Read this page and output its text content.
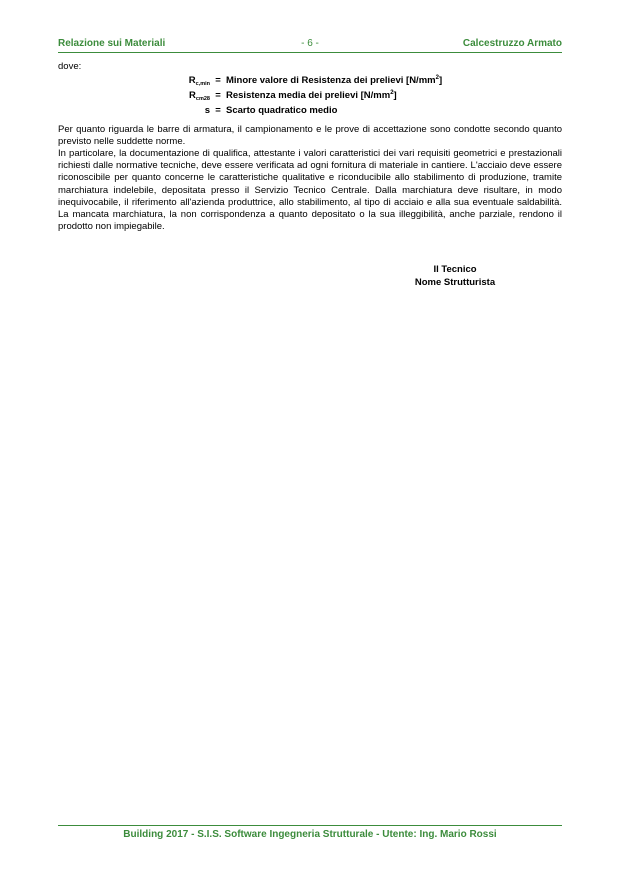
Relazione sui Materiali	- 6 -	Calcestruzzo Armato
dove:
$R_{c,min}$ = Minore valore di Resistenza dei prelievi $[N/mm^2]$
$R_{cm28}$ = Resistenza media dei prelievi $[N/mm^2]$
s = Scarto quadratico medio
Per quanto riguarda le barre di armatura, il campionamento e le prove di accettazione sono condotte secondo quanto previsto nelle suddette norme.
In particolare, la documentazione di qualifica, attestante i valori caratteristici dei vari requisiti geometrici e prestazionali richiesti dalle normative tecniche, deve essere verificata ad ogni fornitura di materiale in cantiere. L'acciaio deve essere riconoscibile per quanto concerne le caratteristiche qualitative e riconducibile allo stabilimento di produzione, tramite marchiatura indelebile, depositata presso il Servizio Tecnico Centrale. Dalla marchiatura deve risultare, in modo inequivocabile, il riferimento all'azienda produttrice, allo stabilimento, al tipo di acciaio e alla sua eventuale saldabilità. La mancata marchiatura, la non corrispondenza a quanto depositato o la sua illeggibilità, anche parziale, rendono il prodotto non impiegabile.
Il Tecnico
Nome Strutturista
Building 2017 - S.I.S. Software Ingegneria Strutturale - Utente: Ing. Mario Rossi
